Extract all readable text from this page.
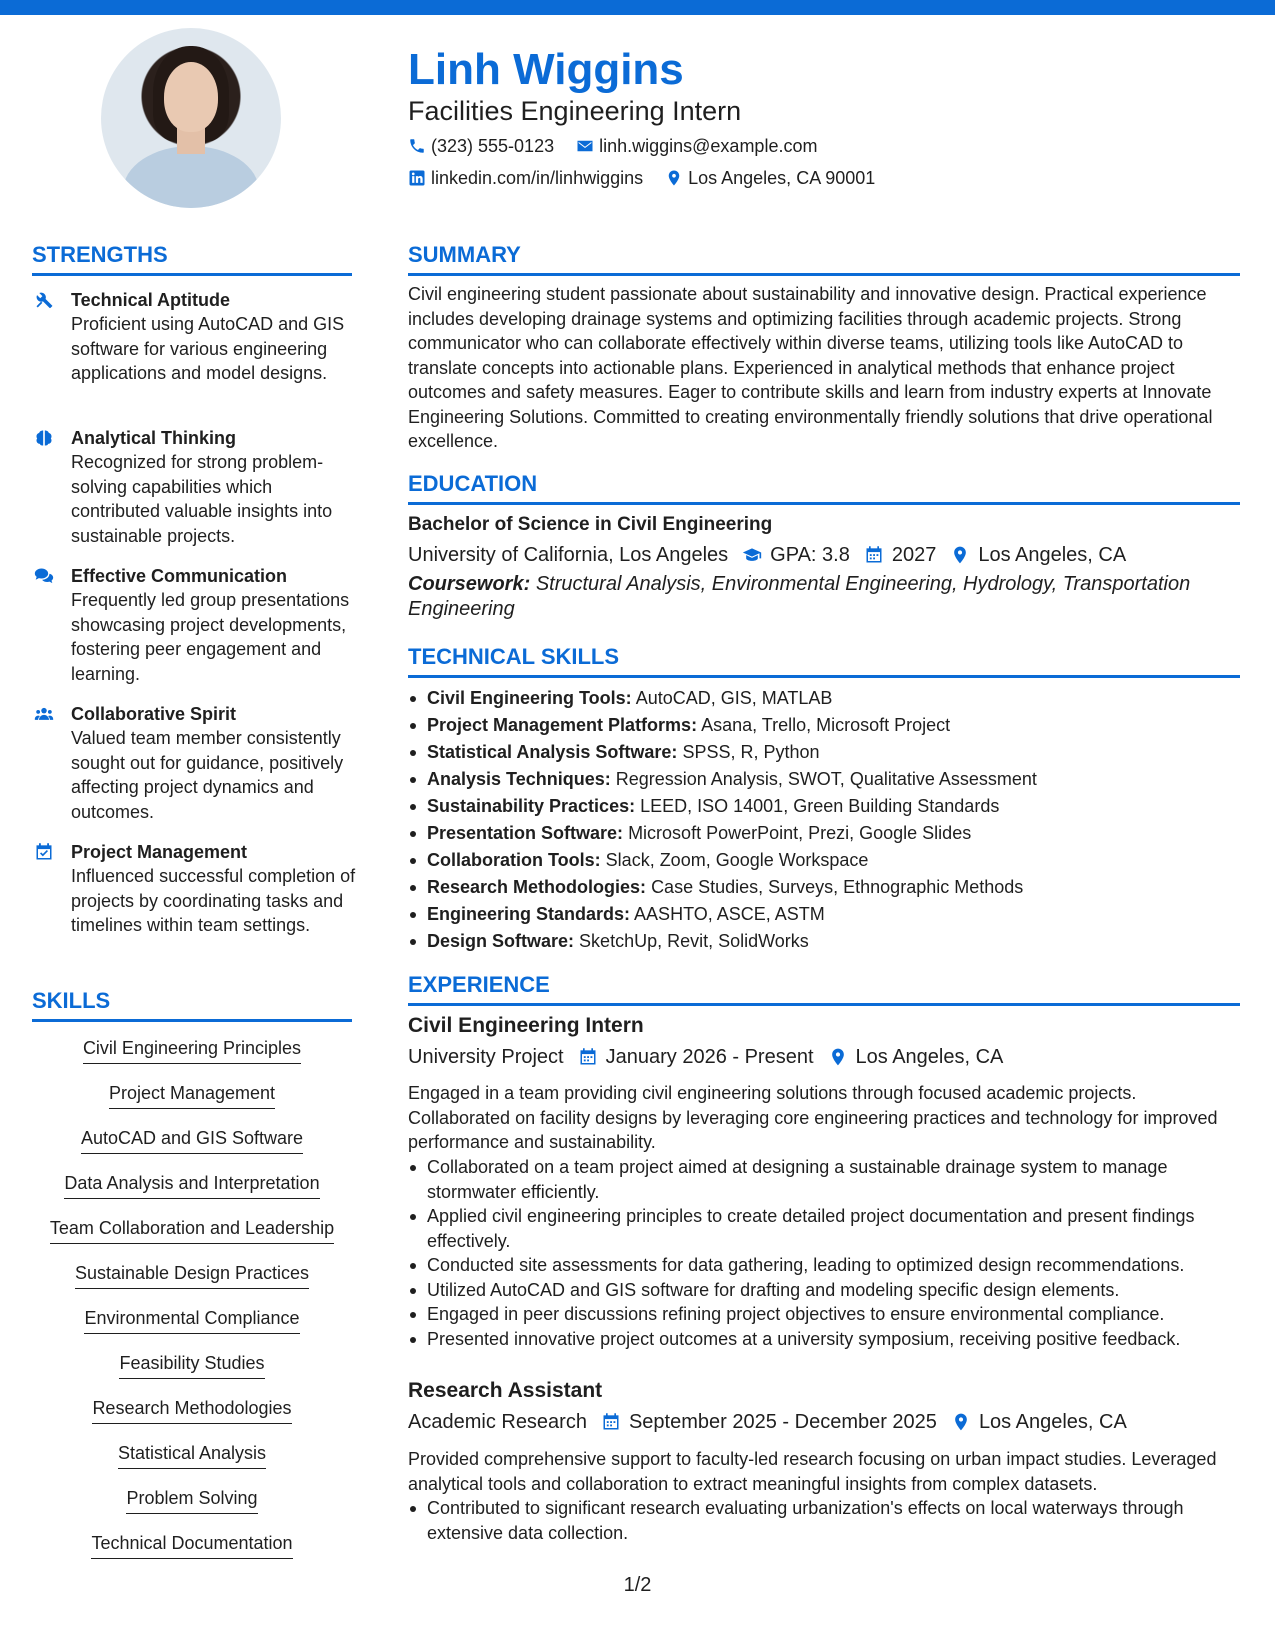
Linh Wiggins
Facilities Engineering Intern
(323) 555-0123	linh.wiggins@example.com
linkedin.com/in/linhwiggins	Los Angeles, CA 90001
STRENGTHS
Technical Aptitude
Proficient using AutoCAD and GIS software for various engineering applications and model designs.
Analytical Thinking
Recognized for strong problem-solving capabilities which contributed valuable insights into sustainable projects.
Effective Communication
Frequently led group presentations showcasing project developments, fostering peer engagement and learning.
Collaborative Spirit
Valued team member consistently sought out for guidance, positively affecting project dynamics and outcomes.
Project Management
Influenced successful completion of projects by coordinating tasks and timelines within team settings.
SKILLS
Civil Engineering Principles
Project Management
AutoCAD and GIS Software
Data Analysis and Interpretation
Team Collaboration and Leadership
Sustainable Design Practices
Environmental Compliance
Feasibility Studies
Research Methodologies
Statistical Analysis
Problem Solving
Technical Documentation
SUMMARY
Civil engineering student passionate about sustainability and innovative design. Practical experience includes developing drainage systems and optimizing facilities through academic projects. Strong communicator who can collaborate effectively within diverse teams, utilizing tools like AutoCAD to translate concepts into actionable plans. Experienced in analytical methods that enhance project outcomes and safety measures. Eager to contribute skills and learn from industry experts at Innovate Engineering Solutions. Committed to creating environmentally friendly solutions that drive operational excellence.
EDUCATION
Bachelor of Science in Civil Engineering
University of California, Los Angeles GPA: 3.8 2027 Los Angeles, CA
Coursework: Structural Analysis, Environmental Engineering, Hydrology, Transportation Engineering
TECHNICAL SKILLS
Civil Engineering Tools: AutoCAD, GIS, MATLAB
Project Management Platforms: Asana, Trello, Microsoft Project
Statistical Analysis Software: SPSS, R, Python
Analysis Techniques: Regression Analysis, SWOT, Qualitative Assessment
Sustainability Practices: LEED, ISO 14001, Green Building Standards
Presentation Software: Microsoft PowerPoint, Prezi, Google Slides
Collaboration Tools: Slack, Zoom, Google Workspace
Research Methodologies: Case Studies, Surveys, Ethnographic Methods
Engineering Standards: AASHTO, ASCE, ASTM
Design Software: SketchUp, Revit, SolidWorks
EXPERIENCE
Civil Engineering Intern
University Project January 2026 - Present Los Angeles, CA
Engaged in a team providing civil engineering solutions through focused academic projects. Collaborated on facility designs by leveraging core engineering practices and technology for improved performance and sustainability.
Collaborated on a team project aimed at designing a sustainable drainage system to manage stormwater efficiently.
Applied civil engineering principles to create detailed project documentation and present findings effectively.
Conducted site assessments for data gathering, leading to optimized design recommendations.
Utilized AutoCAD and GIS software for drafting and modeling specific design elements.
Engaged in peer discussions refining project objectives to ensure environmental compliance.
Presented innovative project outcomes at a university symposium, receiving positive feedback.
Research Assistant
Academic Research September 2025 - December 2025 Los Angeles, CA
Provided comprehensive support to faculty-led research focusing on urban impact studies. Leveraged analytical tools and collaboration to extract meaningful insights from complex datasets.
Contributed to significant research evaluating urbanization's effects on local waterways through extensive data collection.
1/2
